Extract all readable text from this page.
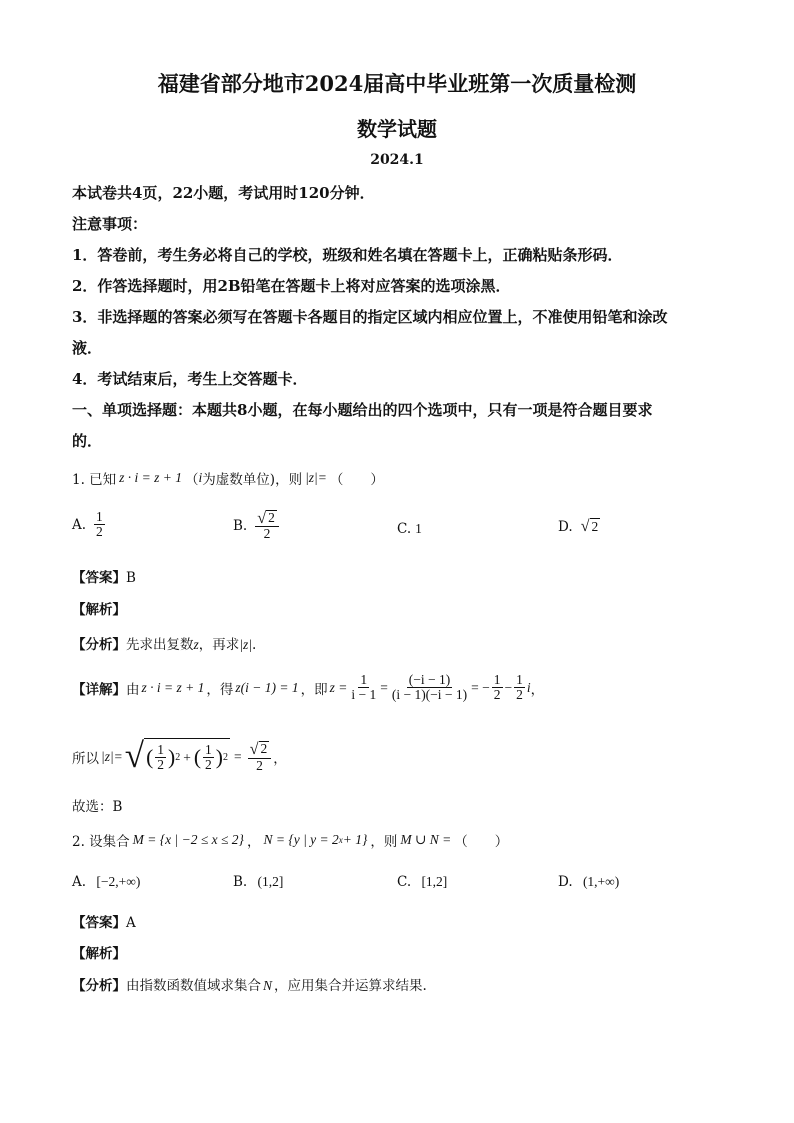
福建省部分地市2024届高中毕业班第一次质量检测
数学试题
2024.1
本试卷共4页，22小题，考试用时120分钟．
注意事项：
1．答卷前，考生务必将自己的学校，班级和姓名填在答题卡上，正确粘贴条形码．
2．作答选择题时，用2B铅笔在答题卡上将对应答案的选项涂黑．
3．非选择题的答案必须写在答题卡各题目的指定区域内相应位置上，不准使用铅笔和涂改
液．
4．考试结束后，考生上交答题卡．
一、单项选择题：本题共8小题，在每小题给出的四个选项中，只有一项是符合题目要求
的．
1. 已知 z · i = z + 1 （ i 为虚数单位)，则 |z|= （　　）
A. $\frac{1}{2}$	B. $\frac{√ 2}{2}$	C. 1	D. √ 2
【答案】B
【解析】
【分析】先求出复数z，再求|z|.
【详解】 由 z · i = z + 1 ，得 z(i − 1) = 1 ，即 $z = \frac{1}{i - 1} = \frac{(-i - 1)}{(i - 1)(-i - 1)}$ = − $\frac{1}{2} - \frac{1}{2}$ i ，
所以 |z|= √ ( $\frac{1}{2}$ ) 2 + ( $\frac{1}{2}$ ) $2 = \frac{√ 2}{2}$ ，
故选：B
2. 设集合 M = {x | −2 ≤ x ≤ 2} ， N = {y | y = 2 x + 1} ，则 M ∪ N = （　　）
A. [−2,+∞)	B. (1,2]	C. [1,2]	D. (1,+∞)
【答案】A
【解析】
【分析】由指数函数值域求集合 N ，应用集合并运算求结果.
